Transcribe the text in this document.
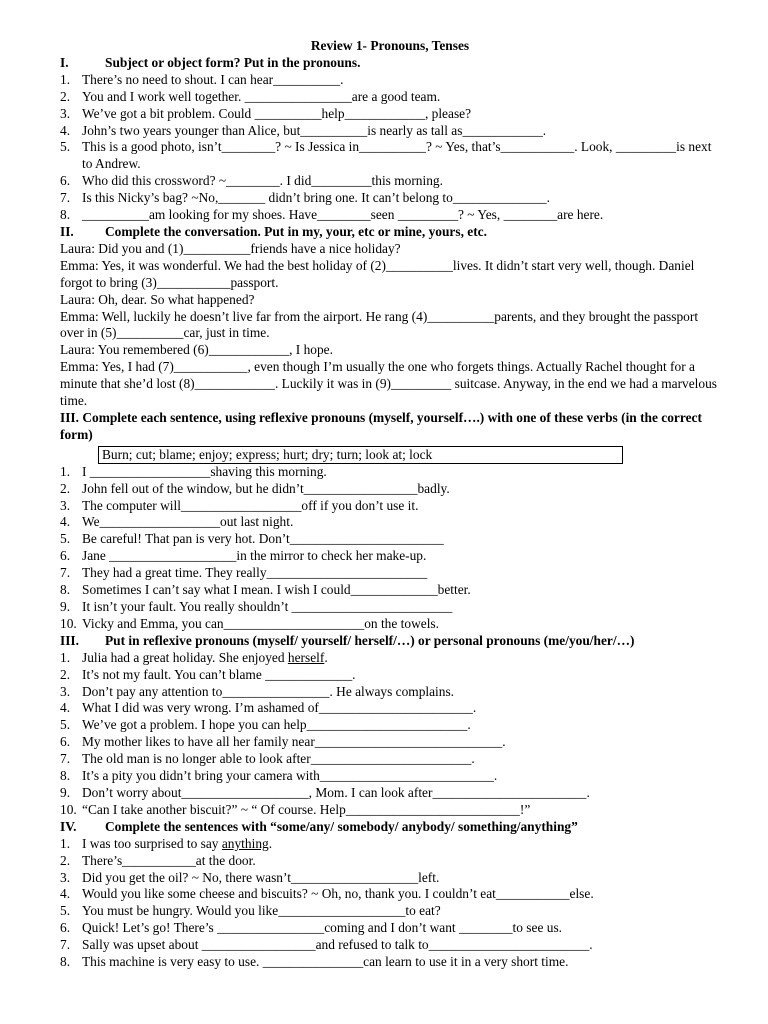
Review 1- Pronouns, Tenses
I.	Subject or object form? Put in the pronouns.
1. There’s no need to shout. I can hear__________.
2. You and I work well together. ________________are a good team.
3. We’ve got a bit problem. Could __________help____________, please?
4. John’s two years younger than Alice, but__________is nearly as tall as____________.
5. This is a good photo, isn’t________? ~ Is Jessica in__________? ~ Yes, that’s___________. Look, _________is next to Andrew.
6. Who did this crossword? ~________. I did_________this morning.
7. Is this Nicky’s bag? ~No,_______ didn’t bring one. It can’t belong to______________.
8. __________am looking for my shoes. Have________seen _________? ~ Yes, ________are here.
II.	Complete the conversation. Put in my, your, etc or mine, yours, etc.
Laura: Did you and (1)__________friends have a nice holiday?
Emma: Yes, it was wonderful. We had the best holiday of (2)__________lives. It didn’t start very well, though. Daniel forgot to bring (3)___________passport.
Laura: Oh, dear. So what happened?
Emma: Well, luckily he doesn’t live far from the airport. He rang (4)__________parents, and they brought the passport over in (5)__________car, just in time.
Laura: You remembered (6)____________, I hope.
Emma: Yes, I had (7)___________, even though I’m usually the one who forgets things. Actually Rachel thought for a minute that she’d lost (8)____________. Luckily it was in (9)_________ suitcase. Anyway, in the end we had a marvelous time.
III. Complete each sentence, using reflexive pronouns (myself, yourself….) with one of these verbs (in the correct form)
Burn; cut; blame; enjoy; express; hurt; dry; turn; look at; lock
1. I __________________shaving this morning.
2. John fell out of the window, but he didn’t_________________badly.
3. The computer will__________________off if you don’t use it.
4. We__________________out last night.
5. Be careful! That pan is very hot. Don’t_______________________
6. Jane ___________________in the mirror to check her make-up.
7. They had a great time. They really________________________
8. Sometimes I can’t say what I mean. I wish I could_____________better.
9. It isn’t your fault. You really shouldn’t ________________________
10. Vicky and Emma, you can_____________________on the towels.
III.	Put in reflexive pronouns (myself/ yourself/ herself/…) or personal pronouns (me/you/her/…)
1. Julia had a great holiday. She enjoyed herself.
2. It’s not my fault. You can’t blame _____________.
3. Don’t pay any attention to________________. He always complains.
4. What I did was very wrong. I’m ashamed of_______________________.
5. We’ve got a problem. I hope you can help________________________.
6. My mother likes to have all her family near____________________________.
7. The old man is no longer able to look after________________________.
8. It’s a pity you didn’t bring your camera with__________________________.
9. Don’t worry about___________________, Mom. I can look after_______________________.
10. “Can I take another biscuit?” ~ “ Of course. Help__________________________!”
IV.	Complete the sentences with “some/any/ somebody/ anybody/ something/anything”
1. I was too surprised to say anything.
2. There’s___________at the door.
3. Did you get the oil? ~ No, there wasn’t___________________left.
4. Would you like some cheese and biscuits? ~ Oh, no, thank you. I couldn’t eat___________else.
5. You must be hungry. Would you like___________________to eat?
6. Quick! Let’s go! There’s ________________coming and I don’t want ________to see us.
7. Sally was upset about _________________and refused to talk to________________________.
8. This machine is very easy to use. _______________can learn to use it in a very short time.
